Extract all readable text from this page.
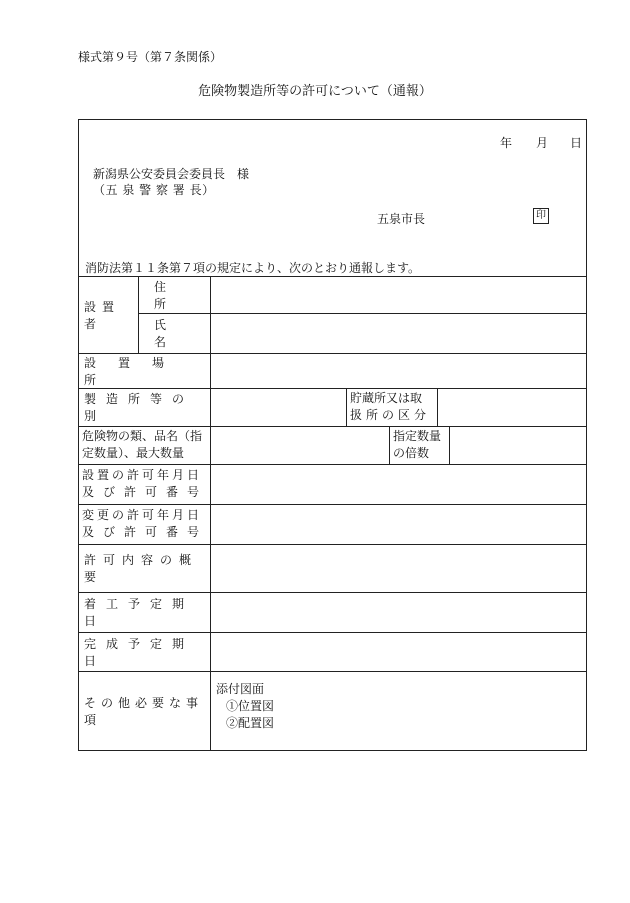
様式第９号（第７条関係）
危険物製造所等の許可について（通報）
年 月 日
新潟県公安委員会委員長　様
（五 泉 警 察 署 長）
五泉市長	印
消防法第１１条第７項の規定により、次のとおり通報します。
設置者
住所
氏名
設置場所
製造所等の別
貯蔵所又は取
扱所の区分
危険物の類、品名（指
定数量）、最大数量
指定数量
の倍数
設置の許可年月日
及び許可番号
変更の許可年月日
及び許可番号
許可内容の概要
着工予定期日
完成予定期日
その他必要な事項
添付図面
①位置図
②配置図
